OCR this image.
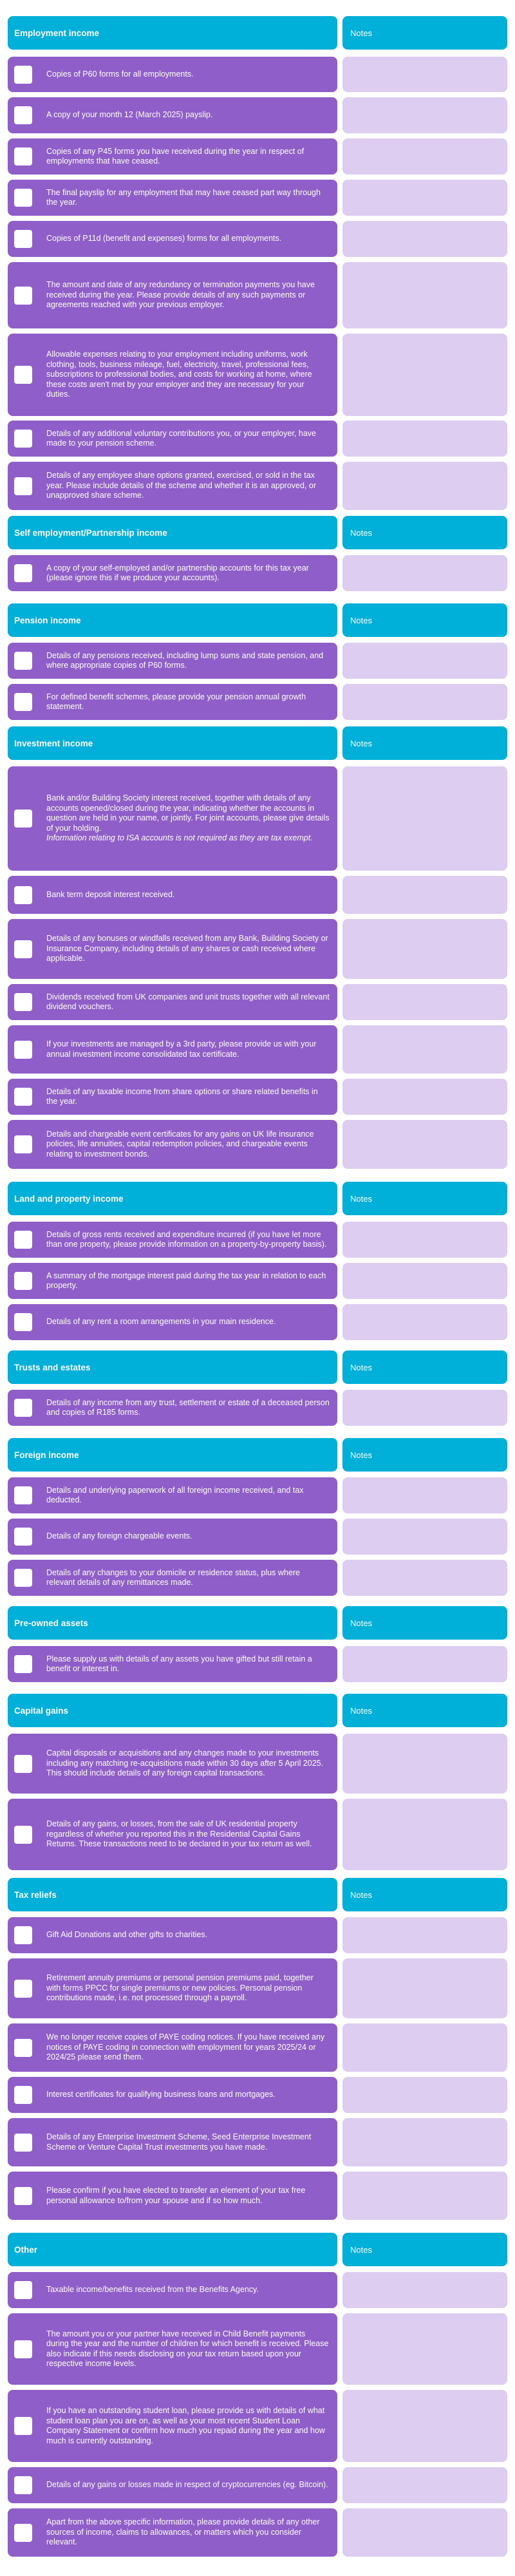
Employment income	Notes
Copies of P60 forms for all employments.
A copy of your month 12 (March 2025) payslip.
Copies of any P45 forms you have received during the year in respect of employments that have ceased.
The final payslip for any employment that may have ceased part way through the year.
Copies of P11d (benefit and expenses) forms for all employments.
The amount and date of any redundancy or termination payments you have received during the year. Please provide details of any such payments or agreements reached with your previous employer.
Allowable expenses relating to your employment including uniforms, work clothing, tools, business mileage, fuel, electricity, travel, professional fees, subscriptions to professional bodies, and costs for working at home, where these costs aren't met by your employer and they are necessary for your duties.
Details of any additional voluntary contributions you, or your employer, have made to your pension scheme.
Details of any employee share options granted, exercised, or sold in the tax year. Please include details of the scheme and whether it is an approved, or unapproved share scheme.
Self employment/Partnership income	Notes
A copy of your self-employed and/or partnership accounts for this tax year (please ignore this if we produce your accounts).
Pension income	Notes
Details of any pensions received, including lump sums and state pension, and where appropriate copies of P60 forms.
For defined benefit schemes, please provide your pension annual growth statement.
Investment income	Notes
Bank and/or Building Society interest received, together with details of any accounts opened/closed during the year, indicating whether the accounts in question are held in your name, or jointly. For joint accounts, please give details of your holding.
Information relating to ISA accounts is not required as they are tax exempt.
Bank term deposit interest received.
Details of any bonuses or windfalls received from any Bank, Building Society or Insurance Company, including details of any shares or cash received where applicable.
Dividends received from UK companies and unit trusts together with all relevant dividend vouchers.
If your investments are managed by a 3rd party, please provide us with your annual investment income consolidated tax certificate.
Details of any taxable income from share options or share related benefits in the year.
Details and chargeable event certificates for any gains on UK life insurance policies, life annuities, capital redemption policies, and chargeable events relating to investment bonds.
Land and property income	Notes
Details of gross rents received and expenditure incurred (if you have let more than one property, please provide information on a property-by-property basis).
A summary of the mortgage interest paid during the tax year in relation to each property.
Details of any rent a room arrangements in your main residence.
Trusts and estates	Notes
Details of any income from any trust, settlement or estate of a deceased person and copies of R185 forms.
Foreign income	Notes
Details and underlying paperwork of all foreign income received, and tax deducted.
Details of any foreign chargeable events.
Details of any changes to your domicile or residence status, plus where relevant details of any remittances made.
Pre-owned assets	Notes
Please supply us with details of any assets you have gifted but still retain a benefit or interest in.
Capital gains	Notes
Capital disposals or acquisitions and any changes made to your investments including any matching re-acquisitions made within 30 days after 5 April 2025. This should include details of any foreign capital transactions.
Details of any gains, or losses, from the sale of UK residential property regardless of whether you reported this in the Residential Capital Gains Returns. These transactions need to be declared in your tax return as well.
Tax reliefs	Notes
Gift Aid Donations and other gifts to charities.
Retirement annuity premiums or personal pension premiums paid, together with forms PPCC for single premiums or new policies. Personal pension contributions made, i.e. not processed through a payroll.
We no longer receive copies of PAYE coding notices. If you have received any notices of PAYE coding in connection with employment for years 2025/24 or 2024/25 please send them.
Interest certificates for qualifying business loans and mortgages.
Details of any Enterprise Investment Scheme, Seed Enterprise Investment Scheme or Venture Capital Trust investments you have made.
Please confirm if you have elected to transfer an element of your tax free personal allowance to/from your spouse and if so how much.
Other	Notes
Taxable income/benefits received from the Benefits Agency.
The amount you or your partner have received in Child Benefit payments during the year and the number of children for which benefit is received. Please also indicate if this needs disclosing on your tax return based upon your respective income levels.
If you have an outstanding student loan, please provide us with details of what student loan plan you are on, as well as your most recent Student Loan Company Statement or confirm how much you repaid during the year and how much is currently outstanding.
Details of any gains or losses made in respect of cryptocurrencies (eg. Bitcoin).
Apart from the above specific information, please provide details of any other sources of income, claims to allowances, or matters which you consider relevant.
